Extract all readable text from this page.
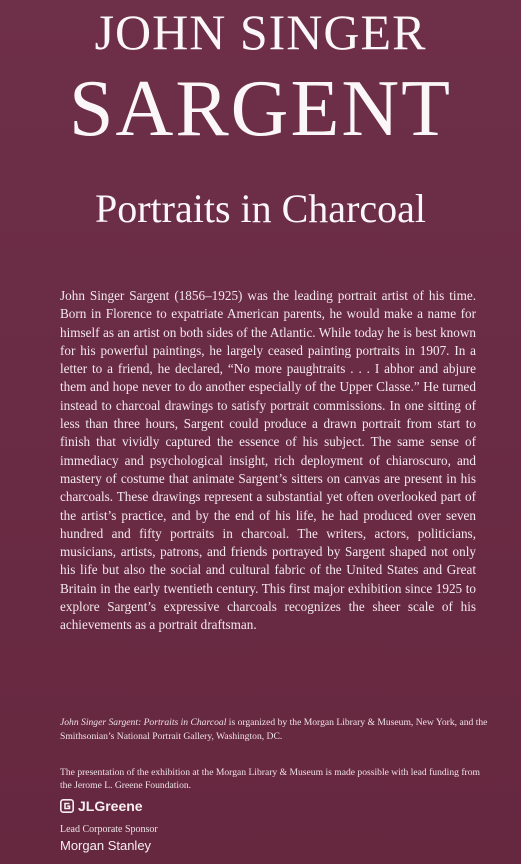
JOHN SINGER
SARGENT
Portraits in Charcoal
John Singer Sargent (1856–1925) was the leading portrait artist of his time. Born in Florence to expatriate American parents, he would make a name for himself as an artist on both sides of the Atlantic. While today he is best known for his powerful paintings, he largely ceased painting portraits in 1907. In a letter to a friend, he declared, “No more paughtraits . . . I abhor and abjure them and hope never to do another especially of the Upper Classe.” He turned instead to charcoal drawings to satisfy portrait commissions. In one sitting of less than three hours, Sargent could produce a drawn portrait from start to finish that vividly captured the essence of his subject. The same sense of immediacy and psychological insight, rich deployment of chiaroscuro, and mastery of costume that animate Sargent’s sitters on canvas are present in his charcoals. These drawings represent a substantial yet often overlooked part of the artist’s practice, and by the end of his life, he had produced over seven hundred and fifty portraits in charcoal. The writers, actors, politicians, musicians, artists, patrons, and friends portrayed by Sargent shaped not only his life but also the social and cultural fabric of the United States and Great Britain in the early twentieth century. This first major exhibition since 1925 to explore Sargent’s expressive charcoals recognizes the sheer scale of his achievements as a portrait draftsman.
John Singer Sargent: Portraits in Charcoal is organized by the Morgan Library & Museum, New York, and the Smithsonian’s National Portrait Gallery, Washington, DC.
The presentation of the exhibition at the Morgan Library & Museum is made possible with lead funding from the Jerome L. Greene Foundation.
JLGreene
Lead Corporate Sponsor
Morgan Stanley
